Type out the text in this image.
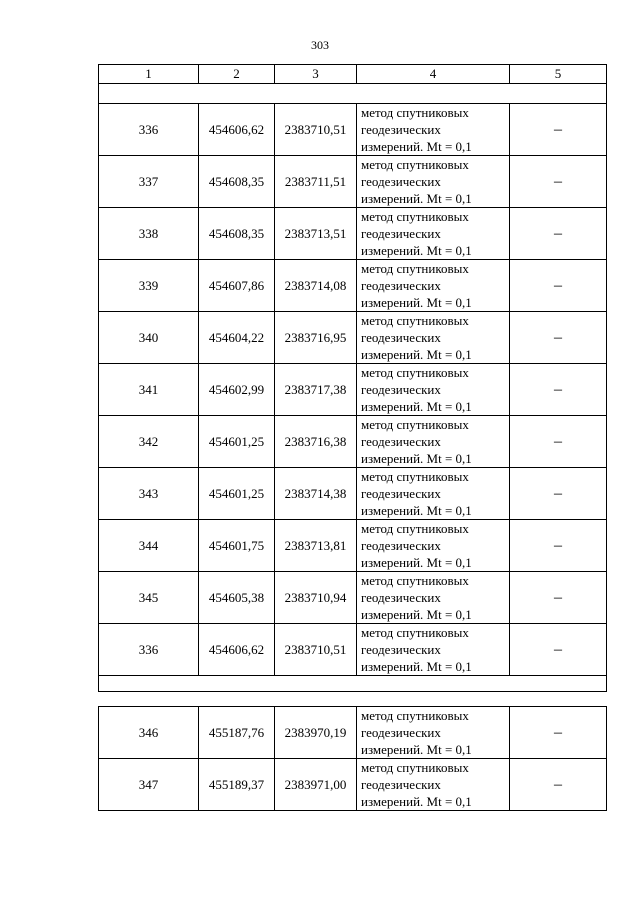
303
1	2	3	4	5

336	454606,62	2383710,51	метод спутниковых
геодезических
измерений. Mt = 0,1	–
337	454608,35	2383711,51	метод спутниковых
геодезических
измерений. Mt = 0,1	–
338	454608,35	2383713,51	метод спутниковых
геодезических
измерений. Mt = 0,1	–
339	454607,86	2383714,08	метод спутниковых
геодезических
измерений. Mt = 0,1	–
340	454604,22	2383716,95	метод спутниковых
геодезических
измерений. Mt = 0,1	–
341	454602,99	2383717,38	метод спутниковых
геодезических
измерений. Mt = 0,1	–
342	454601,25	2383716,38	метод спутниковых
геодезических
измерений. Mt = 0,1	–
343	454601,25	2383714,38	метод спутниковых
геодезических
измерений. Mt = 0,1	–
344	454601,75	2383713,81	метод спутниковых
геодезических
измерений. Mt = 0,1	–
345	454605,38	2383710,94	метод спутниковых
геодезических
измерений. Mt = 0,1	–
336	454606,62	2383710,51	метод спутниковых
геодезических
измерений. Mt = 0,1	–

346	455187,76	2383970,19	метод спутниковых
геодезических
измерений. Mt = 0,1	–
347	455189,37	2383971,00	метод спутниковых
геодезических
измерений. Mt = 0,1	–
